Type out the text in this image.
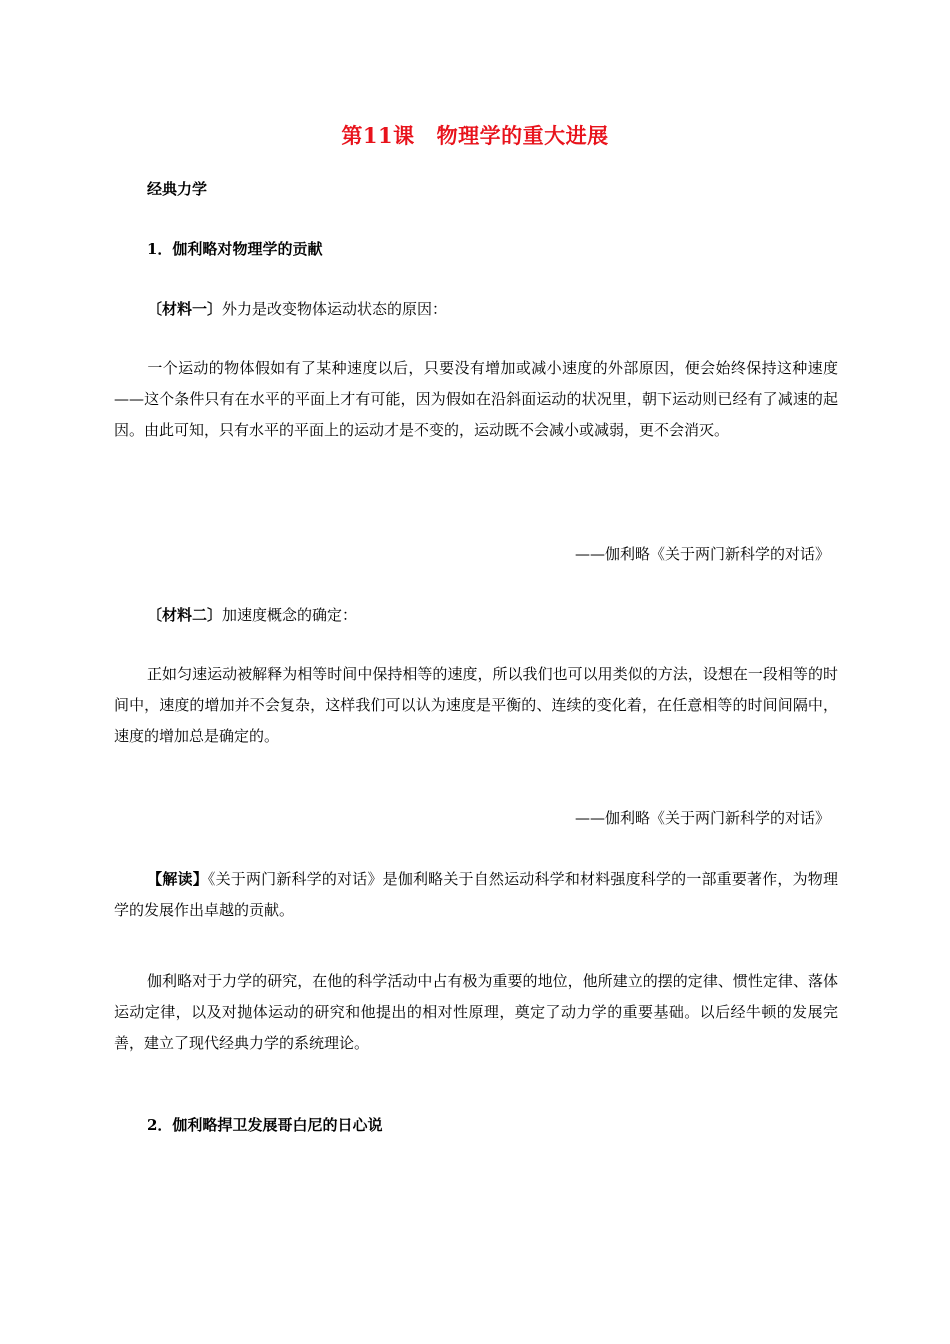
第11课 物理学的重大进展
经典力学
1．伽利略对物理学的贡献
〔材料一〕外力是改变物体运动状态的原因：
一个运动的物体假如有了某种速度以后，只要没有增加或减小速度的外部原因，便会始终保持这种速度——这个条件只有在水平的平面上才有可能，因为假如在沿斜面运动的状况里，朝下运动则已经有了减速的起因。由此可知，只有水平的平面上的运动才是不变的，运动既不会减小或减弱，更不会消灭。
——伽利略《关于两门新科学的对话》
〔材料二〕加速度概念的确定：
正如匀速运动被解释为相等时间中保持相等的速度，所以我们也可以用类似的方法，设想在一段相等的时间中，速度的增加并不会复杂，这样我们可以认为速度是平衡的、连续的变化着，在任意相等的时间间隔中，速度的增加总是确定的。
——伽利略《关于两门新科学的对话》
【解读】《关于两门新科学的对话》是伽利略关于自然运动科学和材料强度科学的一部重要著作，为物理学的发展作出卓越的贡献。
伽利略对于力学的研究，在他的科学活动中占有极为重要的地位，他所建立的摆的定律、惯性定律、落体运动定律，以及对抛体运动的研究和他提出的相对性原理，奠定了动力学的重要基础。以后经牛顿的发展完善，建立了现代经典力学的系统理论。
2．伽利略捍卫发展哥白尼的日心说
